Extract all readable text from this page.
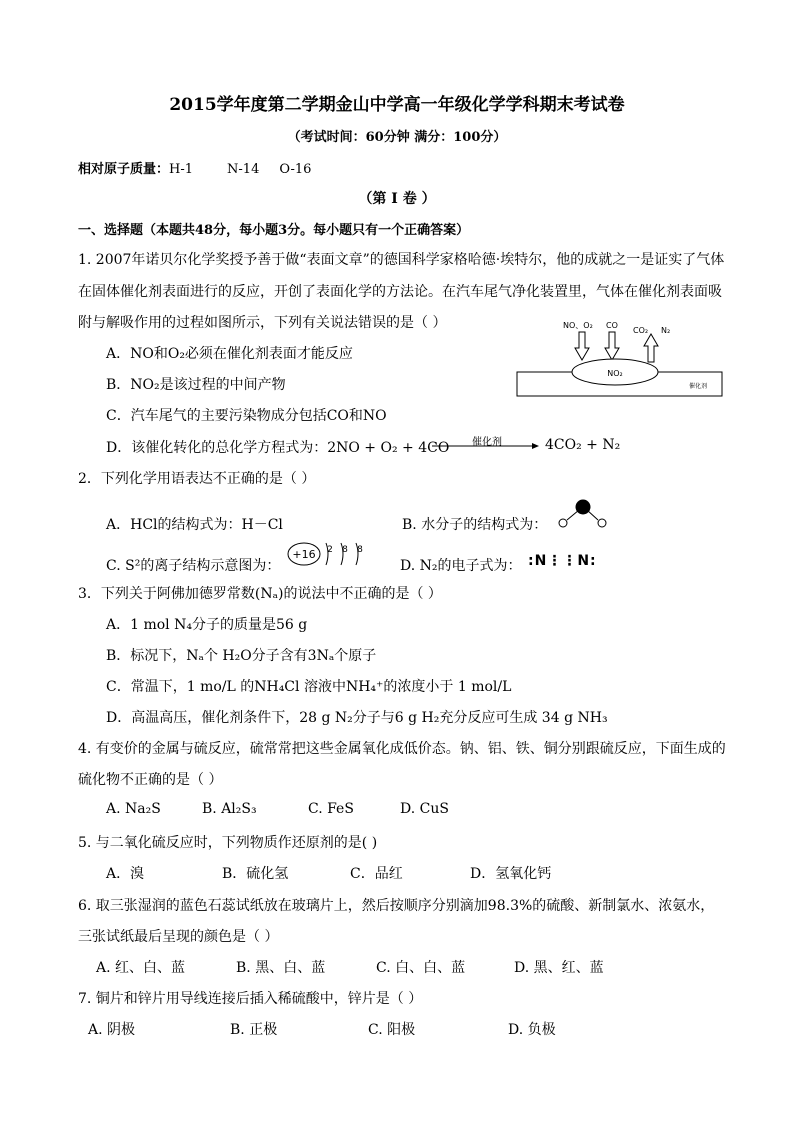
2015学年度第二学期金山中学高一年级化学学科期末考试卷
（考试时间：60分钟 满分：100分）
相对原子质量：H-1	N-14 O-16
（第 I 卷 ）
一、选择题（本题共48分，每小题3分。每小题只有一个正确答案）
1. 2007年诺贝尔化学奖授予善于做“表面文章”的德国科学家格哈德·埃特尔，他的成就之一是证实了气体
在固体催化剂表面进行的反应，开创了表面化学的方法论。在汽车尾气净化装置里，气体在催化剂表面吸
附与解吸作用的过程如图所示，下列有关说法错误的是（ ）
A．NO和O₂必须在催化剂表面才能反应
B．NO₂是该过程的中间产物
C．汽车尾气的主要污染物成分包括CO和NO
D．该催化转化的总化学方程式为：2NO + O₂ + 4CO	催化剂	4CO₂ + N₂
NO、O₂ CO
CO₂ N₂
催化剂
NO₂
2．下列化学用语表达不正确的是（ ）
A．HCl的结构式为：H－Cl	B. 水分子的结构式为：
C. S²的离子结构示意图为：
+16 2 8 8
D. N₂的电子式为： :N⋮⋮N:
3．下列关于阿佛加德罗常数(Nₐ)的说法中不正确的是（ ）
A．1 mol N₄分子的质量是56 g
B．标况下，Nₐ个 H₂O分子含有3Nₐ个原子
C．常温下，1 mo/L 的NH₄Cl 溶液中NH₄⁺的浓度小于 1 mol/L
D．高温高压，催化剂条件下，28 g N₂分子与6 g H₂充分反应可生成 34 g NH₃
4. 有变价的金属与硫反应，硫常常把这些金属氧化成低价态。钠、铝、铁、铜分别跟硫反应，下面生成的
硫化物不正确的是（ ）
A. Na₂S	B. Al₂S₃	C. FeS	D. CuS
5. 与二氧化硫反应时，下列物质作还原剂的是( )
A．溴	B．硫化氢	C．品红	D．氢氧化钙
6. 取三张湿润的蓝色石蕊试纸放在玻璃片上，然后按顺序分别滴加98.3%的硫酸、新制氯水、浓氨水，
三张试纸最后呈现的颜色是（ ）
A. 红、白、蓝	B. 黑、白、蓝	C. 白、白、蓝	D. 黑、红、蓝
7. 铜片和锌片用导线连接后插入稀硫酸中，锌片是（ ）
A. 阴极	B. 正极	C. 阳极	D. 负极
